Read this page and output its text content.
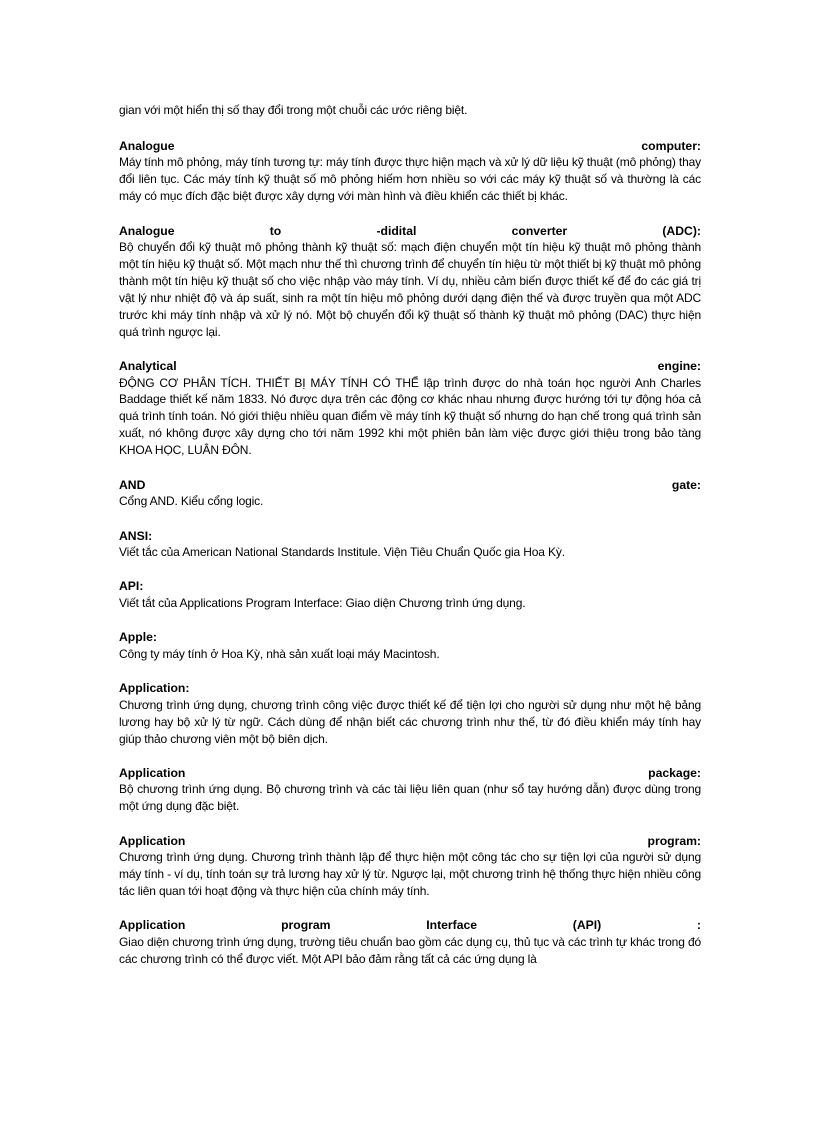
gian với một hiển thị số thay đổi trong một chuỗi các ước riêng biệt.
Analogue	computer:
Máy tính mô phỏng, máy tính tương tự: máy tính được thực hiện mạch và xử lý dữ liệu kỹ thuật (mô phỏng) thay đổi liên tục. Các máy tính kỹ thuật số mô phỏng hiếm hơn nhiều so với các máy kỹ thuật số và thường là các máy có mục đích đặc biệt được xây dựng với màn hình và điều khiển các thiết bị khác.
Analogue	to	-didital	converter	(ADC):
Bộ chuyển đổi kỹ thuật mô phỏng thành kỹ thuật số: mạch điện chuyển một tín hiệu kỹ thuật mô phỏng thành một tín hiệu kỹ thuật số. Một mạch như thế thì chương trình để chuyển tín hiệu từ một thiết bị kỹ thuật mô phỏng thành một tín hiệu kỹ thuật số cho việc nhập vào máy tính. Ví dụ, nhiều cảm biến được thiết kế để đo các giá trị vật lý như nhiệt độ và áp suất, sinh ra một tín hiệu mô phỏng dưới dạng điện thế và được truyền qua một ADC trước khi máy tính nhập và xử lý nó. Một bộ chuyển đổi kỹ thuật số thành kỹ thuật mô phỏng (DAC) thực hiện quá trình ngược lại.
Analytical	engine:
ĐỘNG CƠ PHÂN TÍCH. THIẾT BỊ MÁY TÍNH CÓ THỂ lập trình được do nhà toán học người Anh Charles Baddage thiết kế năm 1833. Nó được dựa trên các động cơ khác nhau nhưng được hướng tới tự động hóa cả quá trình tính toán. Nó giới thiệu nhiều quan điểm về máy tính kỹ thuật số nhưng do hạn chế trong quá trình sản xuất, nó không được xây dựng cho tới năm 1992 khi một phiên bản làm việc được giới thiệu trong bảo tàng KHOA HỌC, LUÂN ĐÔN.
AND	gate:
Cổng AND. Kiểu cổng logic.
ANSI:
Viết tắc của American National Standards Institule. Viện Tiêu Chuẩn Quốc gia Hoa Kỳ.
API:
Viết tắt của Applications Program Interface: Giao diện Chương trình ứng dụng.
Apple:
Công ty máy tính ở Hoa Kỳ, nhà sản xuất loại máy Macintosh.
Application:
Chương trình ứng dụng, chương trình công việc được thiết kế để tiện lợi cho người sử dụng như một hệ bảng lương hay bộ xử lý từ ngữ. Cách dùng để nhận biết các chương trình như thế, từ đó điều khiển máy tính hay giúp thảo chương viên một bộ biên dịch.
Application	package:
Bộ chương trình ứng dụng. Bộ chương trình và các tài liệu liên quan (như sổ tay hướng dẫn) được dùng trong một ứng dụng đặc biệt.
Application	program:
Chương trình ứng dụng. Chương trình thành lập để thực hiện một công tác cho sự tiện lợi của người sử dụng máy tính - ví dụ, tính toán sự trả lương hay xử lý từ. Ngược lại, một chương trình hệ thống thực hiện nhiều công tác liên quan tới hoạt động và thực hiện của chính máy tính.
Application	program	Interface	(API)	:
Giao diện chương trình ứng dụng, trường tiêu chuẩn bao gồm các dụng cụ, thủ tục và các trình tự khác trong đó các chương trình có thể được viết. Một API bảo đảm rằng tất cả các ứng dụng là
